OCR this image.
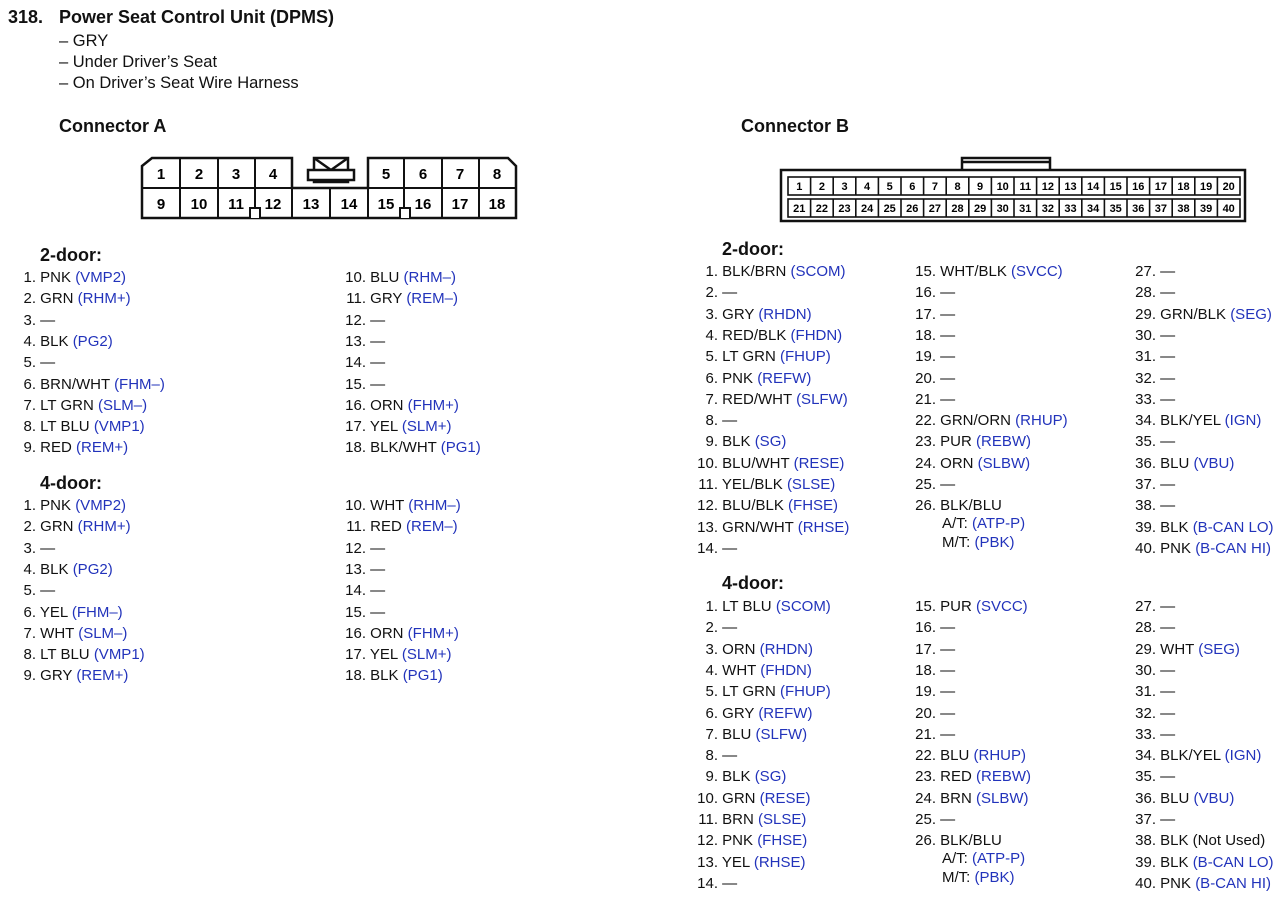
318. Power Seat Control Unit (DPMS)
– GRY
– Under Driver’s Seat
– On Driver’s Seat Wire Harness
Connector A	Connector B
1 2 3 4	5 6 7 8
9 10 11 12 13 14 15 16 17 18
1 2 3 4 5 6 7 8 9 10 11 12 13 14 15 16 17 18 19 20
21 22 23 24 25 26 27 28 29 30 31 32 33 34 35 36 37 38 39 40
2-door:
4-door:
2-door:
4-door:
1. PNK (VMP2)
2. GRN (RHM+)
3. —
4. BLK (PG2)
5. —
6. BRN/WHT (FHM–)
7. LT GRN (SLM–)
8. LT BLU (VMP1)
9. RED (REM+)
10. BLU (RHM–)
11. GRY (REM–)
12. —
13. —
14. —
15. —
16. ORN (FHM+)
17. YEL (SLM+)
18. BLK/WHT (PG1)
1. PNK (VMP2)
2. GRN (RHM+)
3. —
4. BLK (PG2)
5. —
6. YEL (FHM–)
7. WHT (SLM–)
8. LT BLU (VMP1)
9. GRY (REM+)
10. WHT (RHM–)
11. RED (REM–)
12. —
13. —
14. —
15. —
16. ORN (FHM+)
17. YEL (SLM+)
18. BLK (PG1)
1. BLK/BRN (SCOM)
2. —
3. GRY (RHDN)
4. RED/BLK (FHDN)
5. LT GRN (FHUP)
6. PNK (REFW)
7. RED/WHT (SLFW)
8. —
9. BLK (SG)
10. BLU/WHT (RESE)
11. YEL/BLK (SLSE)
12. BLU/BLK (FHSE)
13. GRN/WHT (RHSE)
14. —
15. WHT/BLK (SVCC)
16. —
17. —
18. —
19. —
20. —
21. —
22. GRN/ORN (RHUP)
23. PUR (REBW)
24. ORN (SLBW)
25. —
26. BLK/BLU
27. —
28. —
29. GRN/BLK (SEG)
30. —
31. —
32. —
33. —
34. BLK/YEL (IGN)
35. —
36. BLU (VBU)
37. —
38. —
39. BLK (B-CAN LO)
40. PNK (B-CAN HI)
A/T: (ATP-P)
M/T: (PBK)
1. LT BLU (SCOM)
2. —
3. ORN (RHDN)
4. WHT (FHDN)
5. LT GRN (FHUP)
6. GRY (REFW)
7. BLU (SLFW)
8. —
9. BLK (SG)
10. GRN (RESE)
11. BRN (SLSE)
12. PNK (FHSE)
13. YEL (RHSE)
14. —
15. PUR (SVCC)
16. —
17. —
18. —
19. —
20. —
21. —
22. BLU (RHUP)
23. RED (REBW)
24. BRN (SLBW)
25. —
26. BLK/BLU
27. —
28. —
29. WHT (SEG)
30. —
31. —
32. —
33. —
34. BLK/YEL (IGN)
35. —
36. BLU (VBU)
37. —
38. BLK (Not Used)
39. BLK (B-CAN LO)
40. PNK (B-CAN HI)
A/T: (ATP-P)
M/T: (PBK)
